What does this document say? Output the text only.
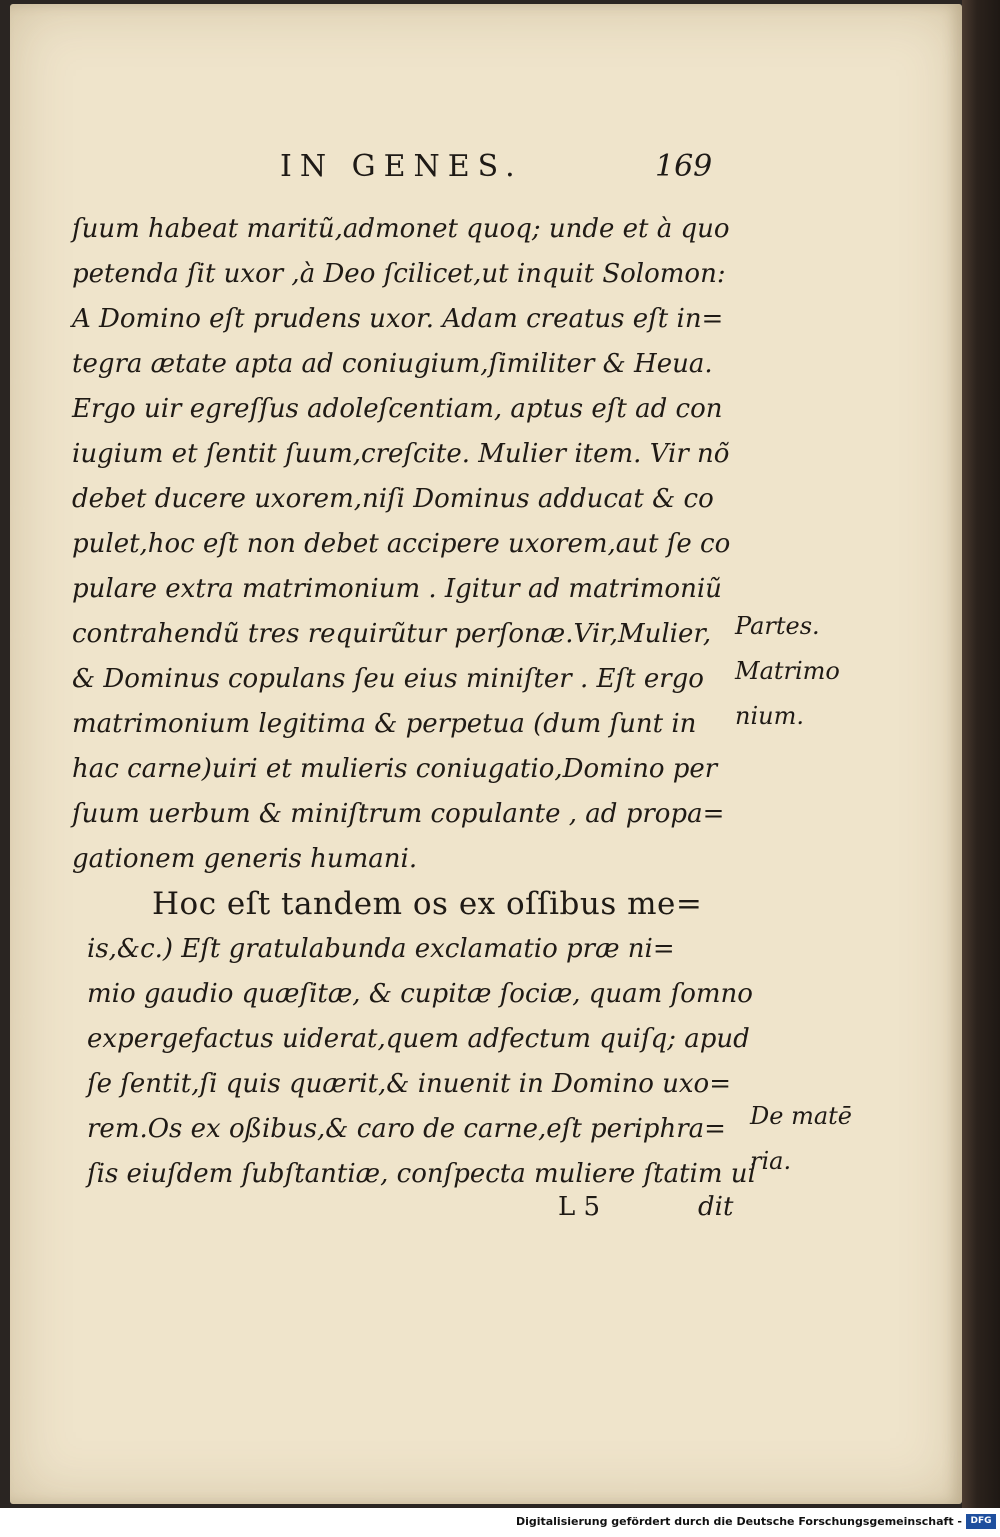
IN GENES.	169
ſuum habeat maritũ,admonet quoq; unde et à quo
petenda ſit uxor ,à Deo ſcilicet,ut inquit Solomon:
A Domino eſt prudens uxor. Adam creatus eſt in=
tegra ætate apta ad coniugium,ſimiliter & Heua.
Ergo uir egreſſus adoleſcentiam, aptus eſt ad con
iugium et ſentit ſuum,creſcite. Mulier item. Vir nõ
debet ducere uxorem,niſi Dominus adducat & co
pulet,hoc eſt non debet accipere uxorem,aut ſe co
pulare extra matrimonium . Igitur ad matrimoniũ
contrahendũ tres requirũtur perſonæ.Vir,Mulier,
& Dominus copulans ſeu eius miniſter . Eſt ergo
matrimonium legitima & perpetua (dum ſunt in
hac carne)uiri et mulieris coniugatio,Domino per
ſuum uerbum & miniſtrum copulante , ad propa=
gationem generis humani.
Hoc eſt tandem os ex oſſibus me=
is,&c.) Eſt gratulabunda exclamatio præ ni=
mio gaudio quæſitæ, & cupitæ ſociæ, quam ſomno
expergefactus uiderat,quem adfectum quiſq; apud
ſe ſentit,ſi quis quærit,& inuenit in Domino uxo=
rem.Os ex oßibus,& caro de carne,eſt periphra=
ſis eiuſdem ſubſtantiæ, conſpecta muliere ſtatim ui
Partes.
Matrimo
nium.
De matē
ria.
L 5	dit
Digitalisierung gefördert durch die Deutsche Forschungsgemeinschaft - DFG
